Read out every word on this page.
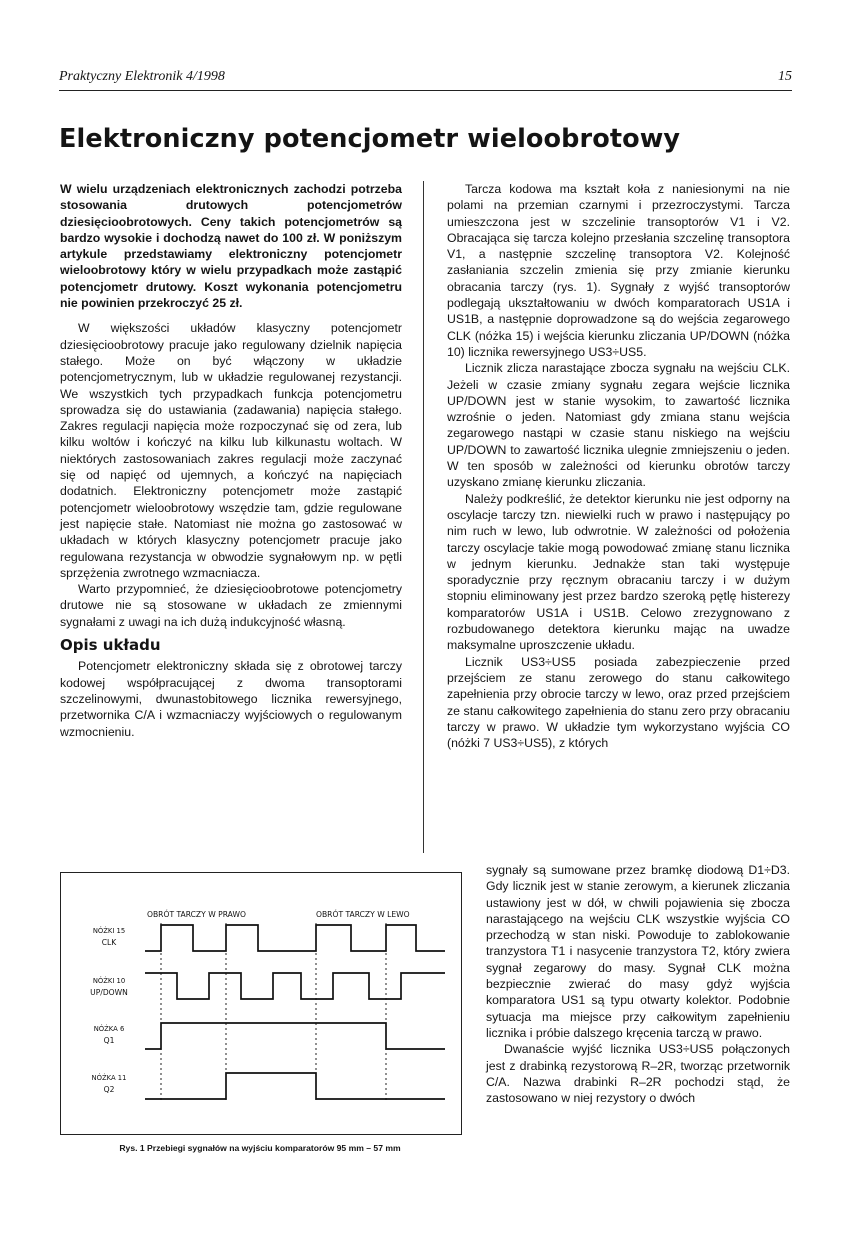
Praktyczny Elektronik 4/1998	15
Elektroniczny potencjometr wieloobrotowy

W wielu urządzeniach elektronicznych zachodzi potrzeba stosowania drutowych potencjometrów dziesięcioobrotowych. Ceny takich potencjometrów są bardzo wysokie i dochodzą nawet do 100 zł. W poniższym artykule przedstawiamy elektroniczny potencjometr wieloobrotowy który w wielu przypadkach może zastąpić potencjometr drutowy. Koszt wykonania potencjometru nie powinien przekroczyć 25 zł.

W większości układów klasyczny potencjometr dziesięcioobrotowy pracuje jako regulowany dzielnik napięcia stałego. Może on być włączony w układzie potencjometrycznym, lub w układzie regulowanej rezystancji. We wszystkich tych przypadkach funkcja potencjometru sprowadza się do ustawiania (zadawania) napięcia stałego. Zakres regulacji napięcia może rozpoczynać się od zera, lub kilku woltów i kończyć na kilku lub kilkunastu woltach. W niektórych zastosowaniach zakres regulacji może zaczynać się od napięć od ujemnych, a kończyć na napięciach dodatnich. Elektroniczny potencjometr może zastąpić potencjometr wieloobrotowy wszędzie tam, gdzie regulowane jest napięcie stałe. Natomiast nie można go zastosować w układach w których klasyczny potencjometr pracuje jako regulowana rezystancja w obwodzie sygnałowym np. w pętli sprzężenia zwrotnego wzmacniacza.

Warto przypomnieć, że dziesięcioobrotowe potencjometry drutowe nie są stosowane w układach ze zmiennymi sygnałami z uwagi na ich dużą indukcyjność własną.

Opis układu

Potencjometr elektroniczny składa się z obrotowej tarczy kodowej współpracującej z dwoma transoptorami szczelinowymi, dwunastobitowego licznika rewersyjnego, przetwornika C/A i wzmacniaczy wyjściowych o regulowanym wzmocnieniu.

Tarcza kodowa ma kształt koła z naniesionymi na nie polami na przemian czarnymi i przezroczystymi. Tarcza umieszczona jest w szczelinie transoptorów V1 i V2. Obracająca się tarcza kolejno przesłania szczelinę transoptora V1, a następnie szczelinę transoptora V2. Kolejność zasłaniania szczelin zmienia się przy zmianie kierunku obracania tarczy (rys. 1). Sygnały z wyjść transoptorów podlegają ukształtowaniu w dwóch komparatorach US1A i US1B, a następnie doprowadzone są do wejścia zegarowego CLK (nóżka 15) i wejścia kierunku zliczania UP/DOWN (nóżka 10) licznika rewersyjnego US3÷US5.

Licznik zlicza narastające zbocza sygnału na wejściu CLK. Jeżeli w czasie zmiany sygnału zegara wejście licznika UP/DOWN jest w stanie wysokim, to zawartość licznika wzrośnie o jeden. Natomiast gdy zmiana stanu wejścia zegarowego nastąpi w czasie stanu niskiego na wejściu UP/DOWN to zawartość licznika ulegnie zmniejszeniu o jeden. W ten sposób w zależności od kierunku obrotów tarczy uzyskano zmianę kierunku zliczania.

Należy podkreślić, że detektor kierunku nie jest odporny na oscylacje tarczy tzn. niewielki ruch w prawo i następujący po nim ruch w lewo, lub odwrotnie. W zależności od położenia tarczy oscylacje takie mogą powodować zmianę stanu licznika w jednym kierunku. Jednakże stan taki występuje sporadycznie przy ręcznym obracaniu tarczy i w dużym stopniu eliminowany jest przez bardzo szeroką pętlę histerezy komparatorów US1A i US1B. Celowo zrezygnowano z rozbudowanego detektora kierunku mając na uwadze maksymalne uproszczenie układu.

Licznik US3÷US5 posiada zabezpieczenie przed przejściem ze stanu zerowego do stanu całkowitego zapełnienia przy obrocie tarczy w lewo, oraz przed przejściem ze stanu całkowitego zapełnienia do stanu zero przy obracaniu tarczy w prawo. W układzie tym wykorzystano wyjścia CO (nóżki 7 US3÷US5), z których

sygnały są sumowane przez bramkę diodową D1÷D3. Gdy licznik jest w stanie zerowym, a kierunek zliczania ustawiony jest w dół, w chwili pojawienia się zbocza narastającego na wejściu CLK wszystkie wyjścia CO przechodzą w stan niski. Powoduje to zablokowanie tranzystora T1 i nasycenie tranzystora T2, który zwiera sygnał zegarowy do masy. Sygnał CLK można bezpiecznie zwierać do masy gdyż wyjścia komparatora US1 są typu otwarty kolektor. Podobnie sytuacja ma miejsce przy całkowitym zapełnieniu licznika i próbie dalszego kręcenia tarczą w prawo.

Dwanaście wyjść licznika US3÷US5 połączonych jest z drabinką rezystorową R–2R, tworząc przetwornik C/A. Nazwa drabinki R–2R pochodzi stąd, że zastosowano w niej rezystory o dwóch

OBRÓT TARCZY W PRAWO	OBRÓT TARCZY W LEWO
NÓŻKI 15
CLK
NÓŻKI 10
UP/DOWN
NÓŻKA 6
Q1
NÓŻKA 11
Q2
Rys. 1 Przebiegi sygnałów na wyjściu komparatorów 95 mm – 57 mm
